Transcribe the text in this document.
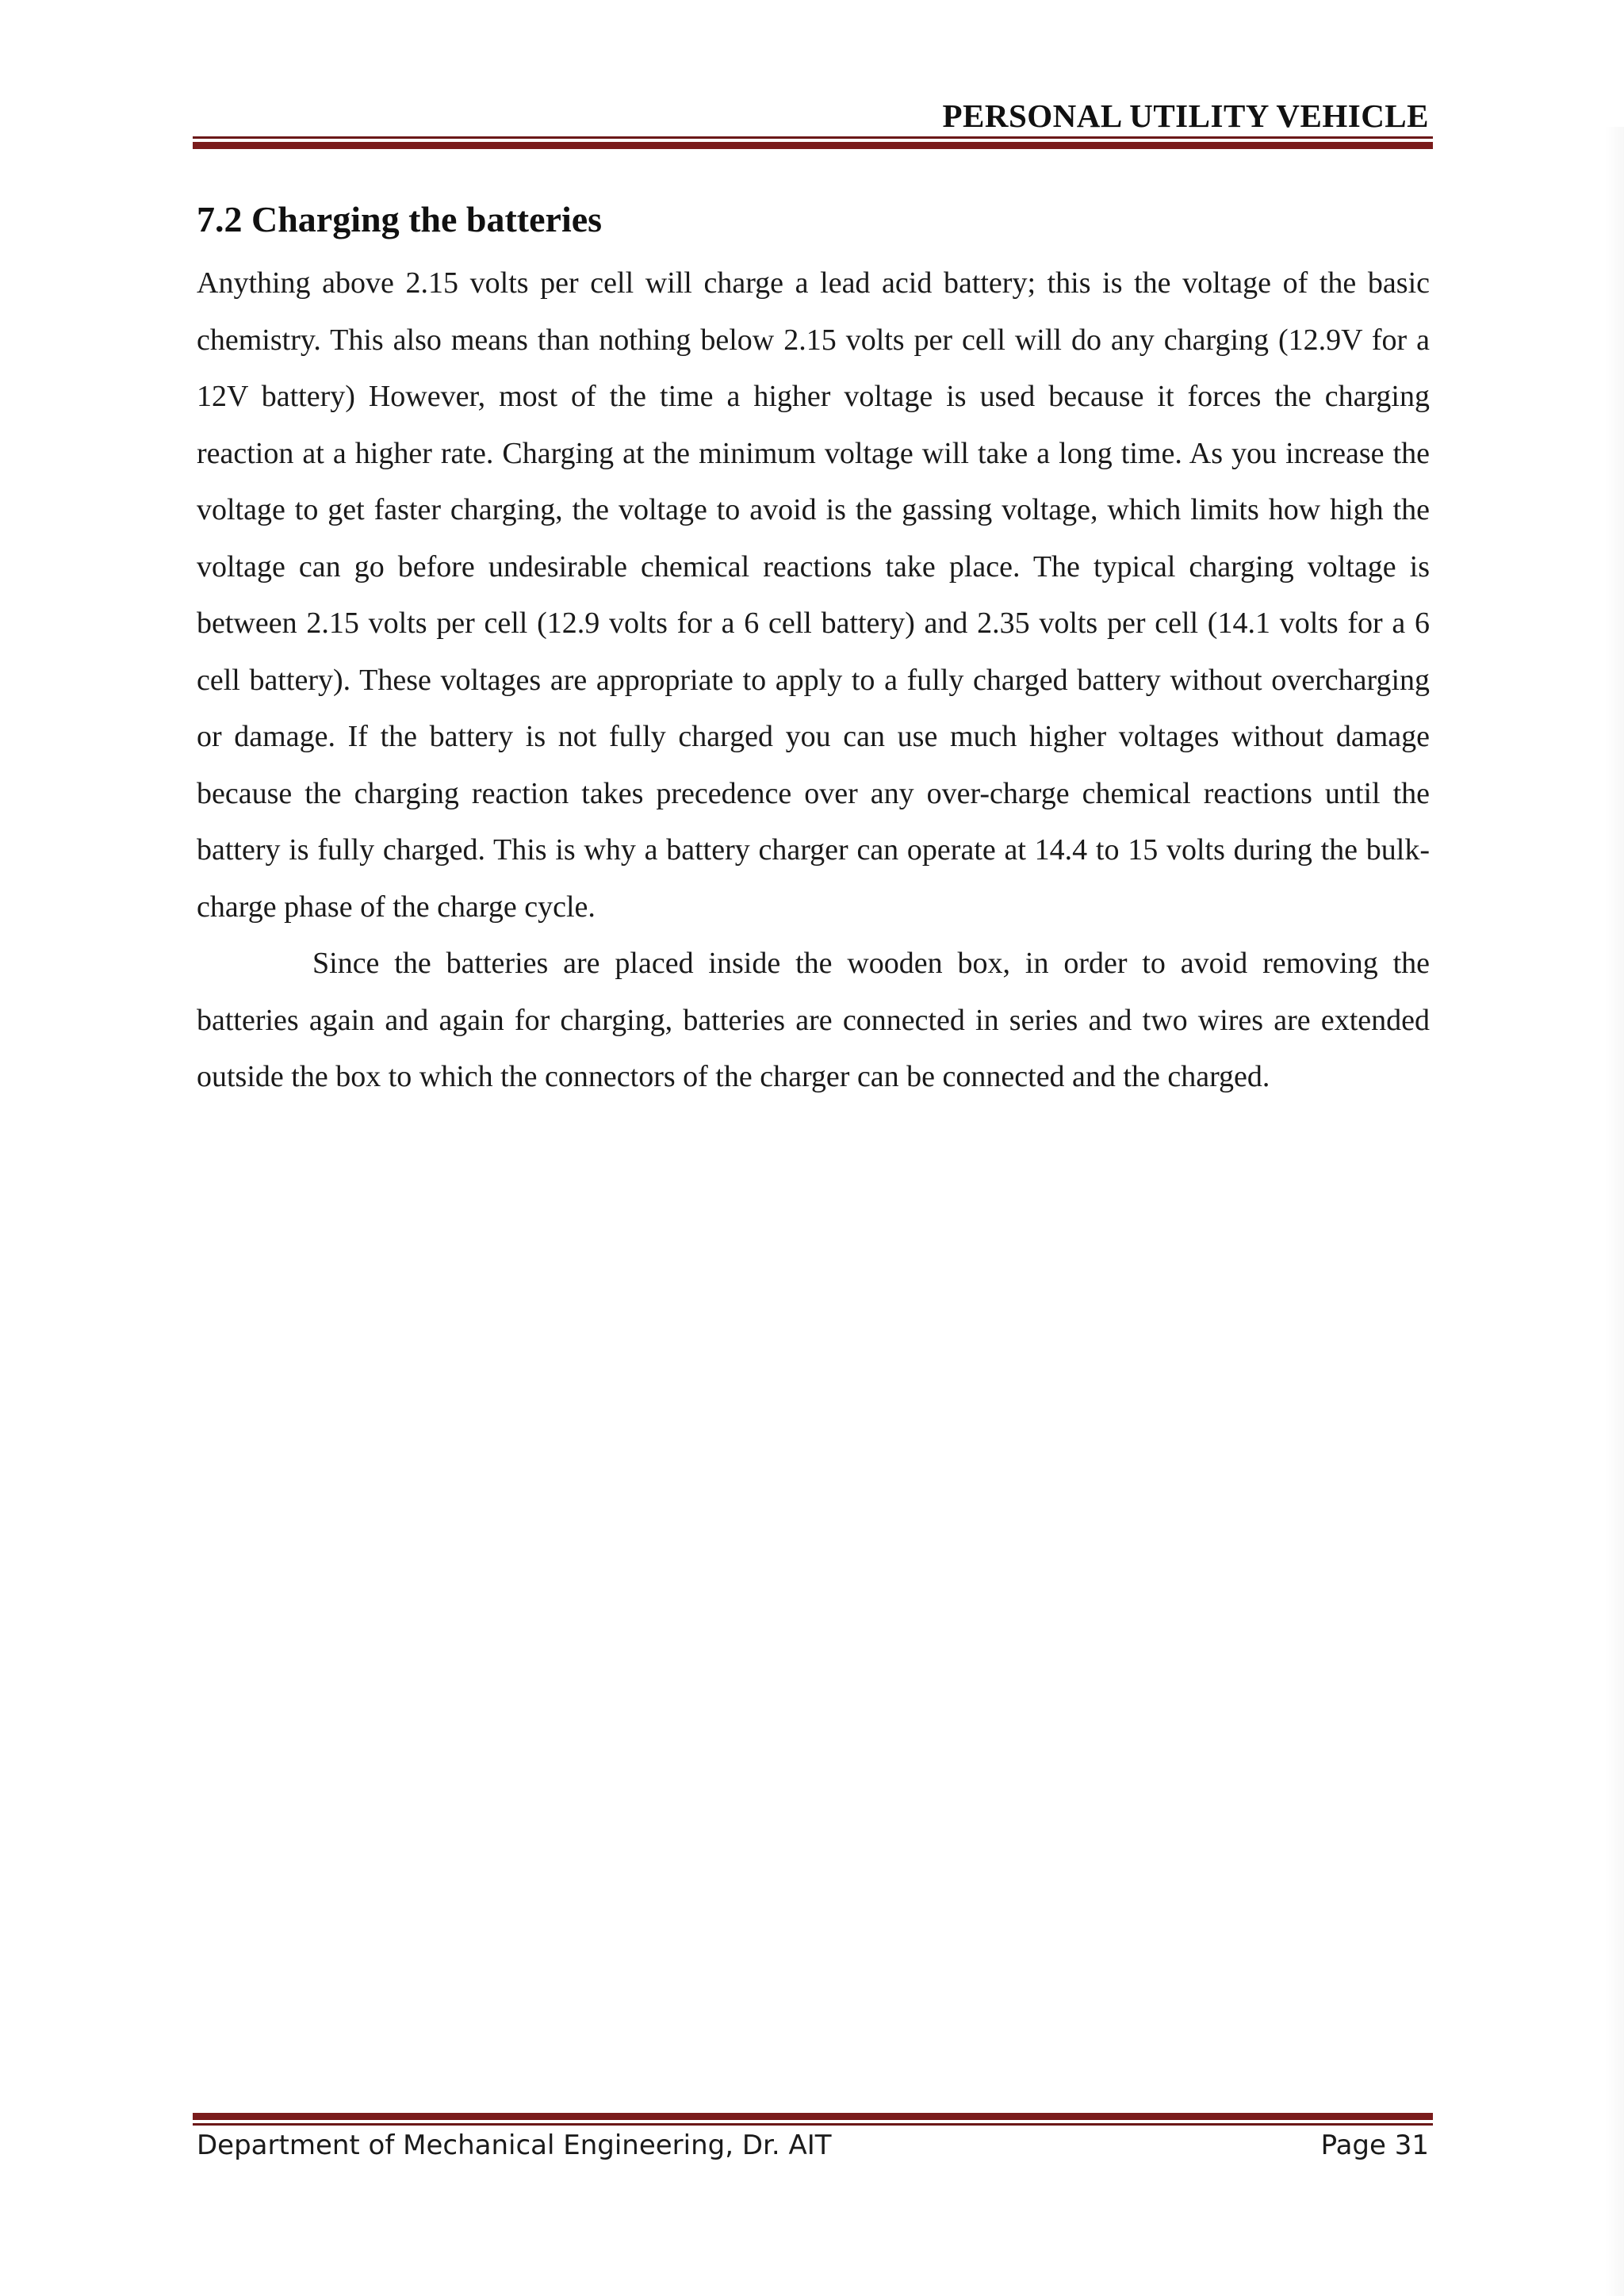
PERSONAL UTILITY VEHICLE
7.2 Charging the batteries

Anything above 2.15 volts per cell will charge a lead acid battery; this is the voltage of the basic chemistry. This also means than nothing below 2.15 volts per cell will do any charging (12.9V for a 12V battery) However, most of the time a higher voltage is used because it forces the charging reaction at a higher rate. Charging at the minimum voltage will take a long time. As you increase the voltage to get faster charging, the voltage to avoid is the gassing voltage, which limits how high the voltage can go before undesirable chemical reactions take place. The typical charging voltage is between 2.15 volts per cell (12.9 volts for a 6 cell battery) and 2.35 volts per cell (14.1 volts for a 6 cell battery). These voltages are appropriate to apply to a fully charged battery without overcharging or damage. If the battery is not fully charged you can use much higher voltages without damage because the charging reaction takes precedence over any over-charge chemical reactions until the battery is fully charged. This is why a battery charger can operate at 14.4 to 15 volts during the bulk-charge phase of the charge cycle.

Since the batteries are placed inside the wooden box, in order to avoid removing the batteries again and again for charging, batteries are connected in series and two wires are extended outside the box to which the connectors of the charger can be connected and the charged.

Department of Mechanical Engineering, Dr. AIT	Page 31
